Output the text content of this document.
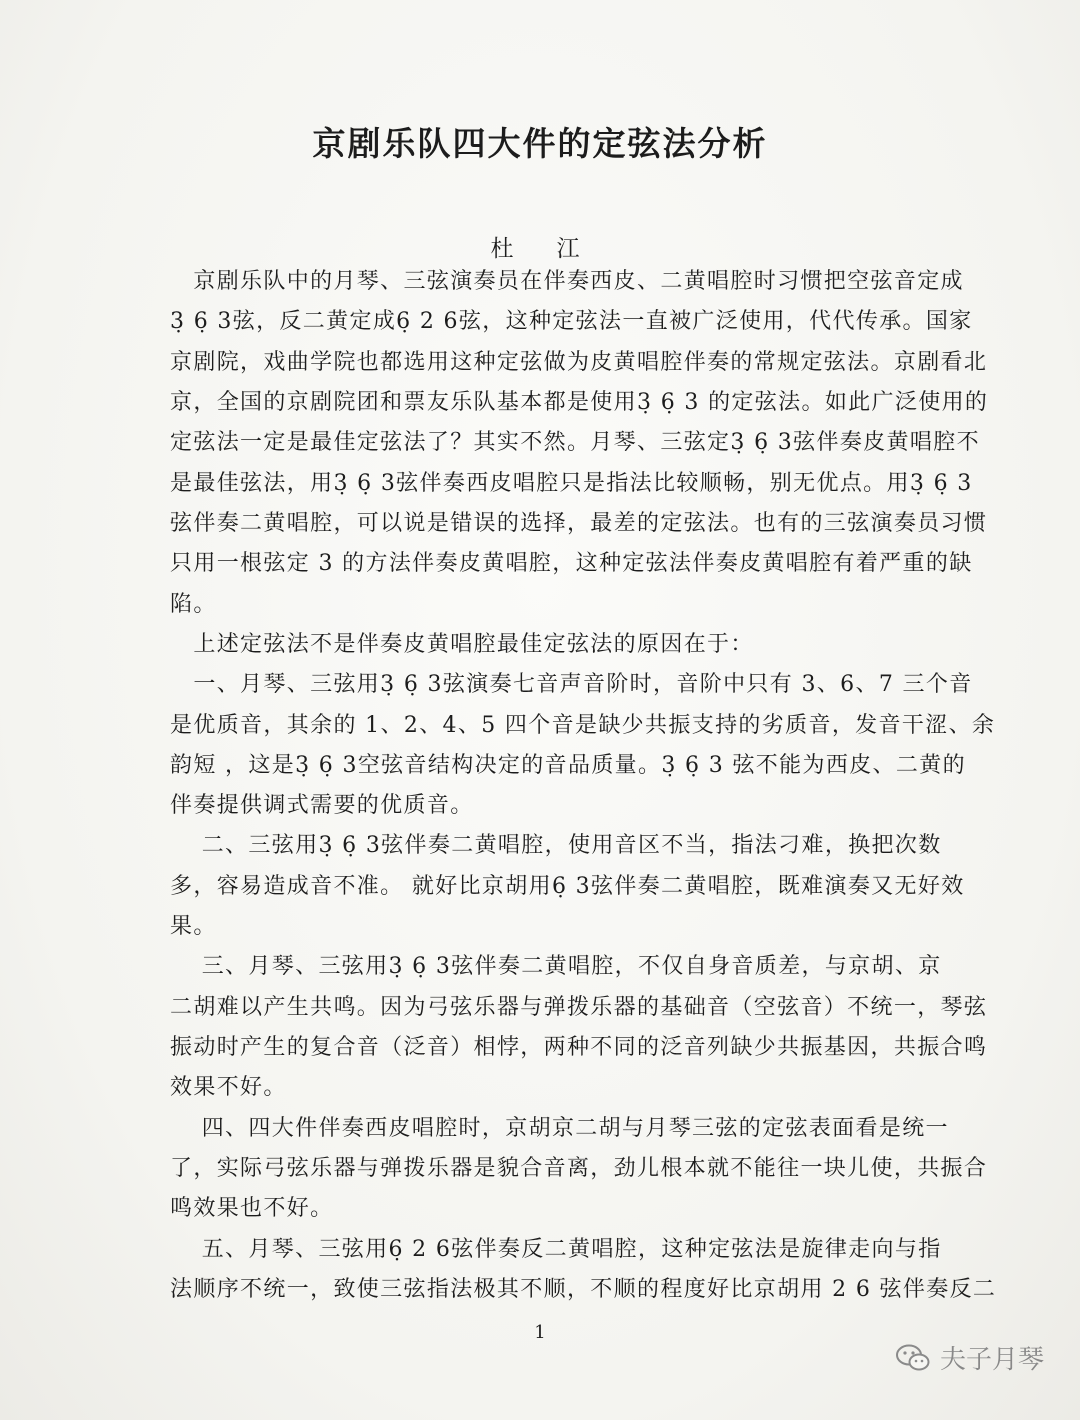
京剧乐队四大件的定弦法分析
杜　江
　京剧乐队中的月琴、三弦演奏员在伴奏西皮、二黄唱腔时习惯把空弦音定成
3̣ 6̣ 3弦，反二黄定成6̣ 2 6弦，这种定弦法一直被广泛使用，代代传承。国家
京剧院，戏曲学院也都选用这种定弦做为皮黄唱腔伴奏的常规定弦法。京剧看北
京，全国的京剧院团和票友乐队基本都是使用3̣ 6̣ 3 的定弦法。如此广泛使用的
定弦法一定是最佳定弦法了？其实不然。月琴、三弦定3̣ 6̣ 3弦伴奏皮黄唱腔不
是最佳弦法，用3̣ 6̣ 3弦伴奏西皮唱腔只是指法比较顺畅，别无优点。用3̣ 6̣ 3
弦伴奏二黄唱腔，可以说是错误的选择，最差的定弦法。也有的三弦演奏员习惯
只用一根弦定 3 的方法伴奏皮黄唱腔，这种定弦法伴奏皮黄唱腔有着严重的缺
陷。
　上述定弦法不是伴奏皮黄唱腔最佳定弦法的原因在于：
　一、月琴、三弦用3̣ 6̣ 3弦演奏七音声音阶时，音阶中只有 3、6、7 三个音
是优质音，其余的 1、2、4、5 四个音是缺少共振支持的劣质音，发音干涩、余
韵短 ，这是3̣ 6̣ 3空弦音结构决定的音品质量。3̣ 6̣ 3 弦不能为西皮、二黄的
伴奏提供调式需要的优质音。
　 二、三弦用3̣ 6̣ 3弦伴奏二黄唱腔，使用音区不当，指法刁难，换把次数
多，容易造成音不准。 就好比京胡用6̣ 3弦伴奏二黄唱腔，既难演奏又无好效
果。
　 三、月琴、三弦用3̣ 6̣ 3弦伴奏二黄唱腔，不仅自身音质差，与京胡、京
二胡难以产生共鸣。因为弓弦乐器与弹拨乐器的基础音（空弦音）不统一，琴弦
振动时产生的复合音（泛音）相悖，两种不同的泛音列缺少共振基因，共振合鸣
效果不好。
　 四、四大件伴奏西皮唱腔时，京胡京二胡与月琴三弦的定弦表面看是统一
了，实际弓弦乐器与弹拨乐器是貌合音离，劲儿根本就不能往一块儿使，共振合
鸣效果也不好。
　 五、月琴、三弦用6̣ 2 6弦伴奏反二黄唱腔，这种定弦法是旋律走向与指
法顺序不统一，致使三弦指法极其不顺，不顺的程度好比京胡用 2 6 弦伴奏反二
1
夫子月琴
